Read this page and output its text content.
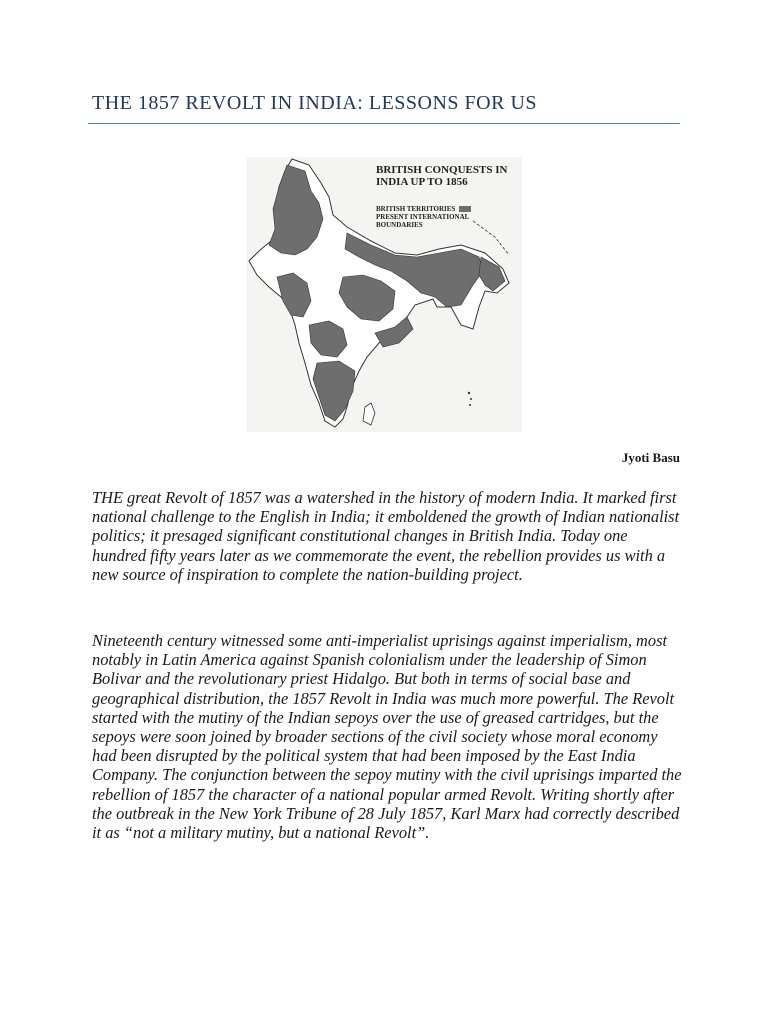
THE 1857 REVOLT IN INDIA: LESSONS FOR US
BRITISH CONQUESTS IN INDIA UP TO 1856
BRITISH TERRITORIES
PRESENT INTERNATIONAL BOUNDARIES
Jyoti Basu

THE great Revolt of 1857 was a watershed in the history of modern India. It marked first national challenge to the English in India; it emboldened the growth of Indian nationalist politics; it presaged significant constitutional changes in British India. Today one hundred fifty years later as we commemorate the event, the rebellion provides us with a new source of inspiration to complete the nation-building project.

Nineteenth century witnessed some anti-imperialist uprisings against imperialism, most notably in Latin America against Spanish colonialism under the leadership of Simon Bolivar and the revolutionary priest Hidalgo. But both in terms of social base and geographical distribution, the 1857 Revolt in India was much more powerful. The Revolt started with the mutiny of the Indian sepoys over the use of greased cartridges, but the sepoys were soon joined by broader sections of the civil society whose moral economy had been disrupted by the political system that had been imposed by the East India Company. The conjunction between the sepoy mutiny with the civil uprisings imparted the rebellion of 1857 the character of a national popular armed Revolt. Writing shortly after the outbreak in the New York Tribune of 28 July 1857, Karl Marx had correctly described it as “not a military mutiny, but a national Revolt”.
